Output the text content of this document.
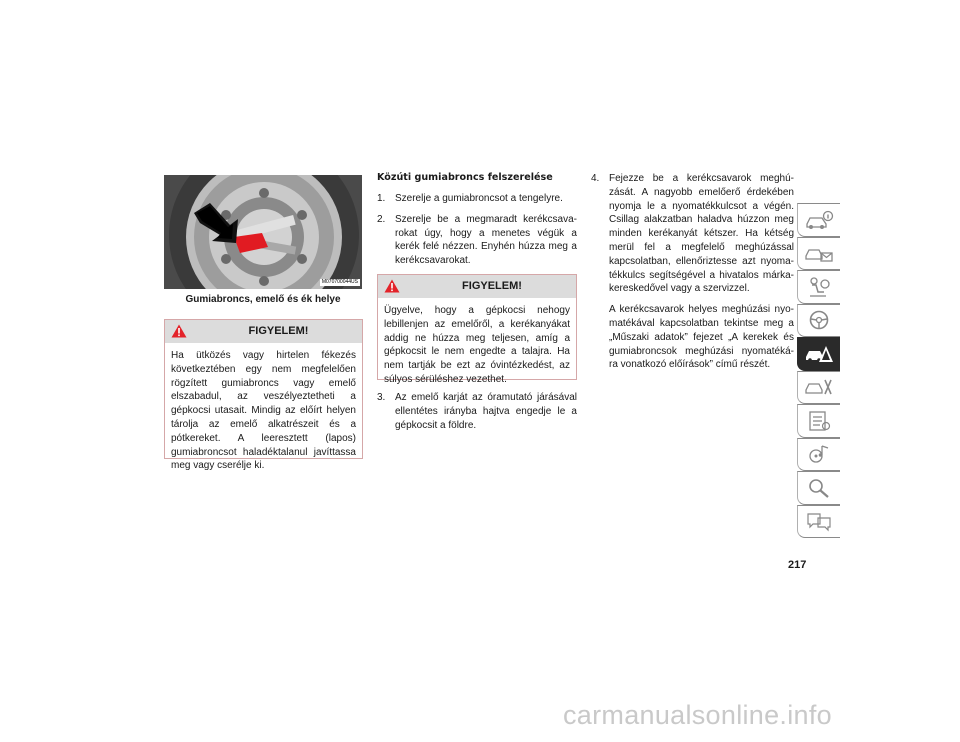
M070700044US
Gumiabroncs, emelő és ék helye
FIGYELEM!
Ha ütközés vagy hirtelen fékezés következtében egy nem megfelelően rögzített gumiabroncs vagy emelő elszabadul, az veszélyeztetheti a gépkocsi utasait. Mindig az előírt helyen tárolja az emelő alkatrészeit és a pótkereket. A leeresztett (lapos) gumiabroncsot haladéktalanul javíttassa meg vagy cserélje ki.
Közúti gumiabroncs felszerelése
1. Szerelje a gumiabroncsot a tengelyre.
2. Szerelje be a megmaradt kerékcsava- rokat úgy, hogy a menetes végük a kerék felé nézzen. Enyhén húzza meg a kerékcsavarokat.
FIGYELEM!
Ügyelve, hogy a gépkocsi nehogy lebillenjen az emelőről, a kerékanyákat addig ne húzza meg teljesen, amíg a gépkocsit le nem engedte a talajra. Ha nem tartják be ezt az óvintézkedést, az súlyos sérüléshez vezethet.
3. Az emelő karját az óramutató járásával ellentétes irányba hajtva engedje le a gépkocsit a földre.
4. Fejezze be a kerékcsavarok meghú- zását. A nagyobb emelőerő érdekében nyomja le a nyomatékkulcsot a végén. Csillag alakzatban haladva húzzon meg minden kerékanyát kétszer. Ha kétség merül fel a megfelelő meghúzással kapcsolatban, ellenőriztesse azt nyoma- tékkulcs segítségével a hivatalos márka- kereskedővel vagy a szervizzel.
A kerékcsavarok helyes meghúzási nyo- matékával kapcsolatban tekintse meg a „Műszaki adatok” fejezet „A kerekek és gumiabroncsok meghúzási nyomatéká- ra vonatkozó előírások” című részét.
217
carmanualsonline.info
